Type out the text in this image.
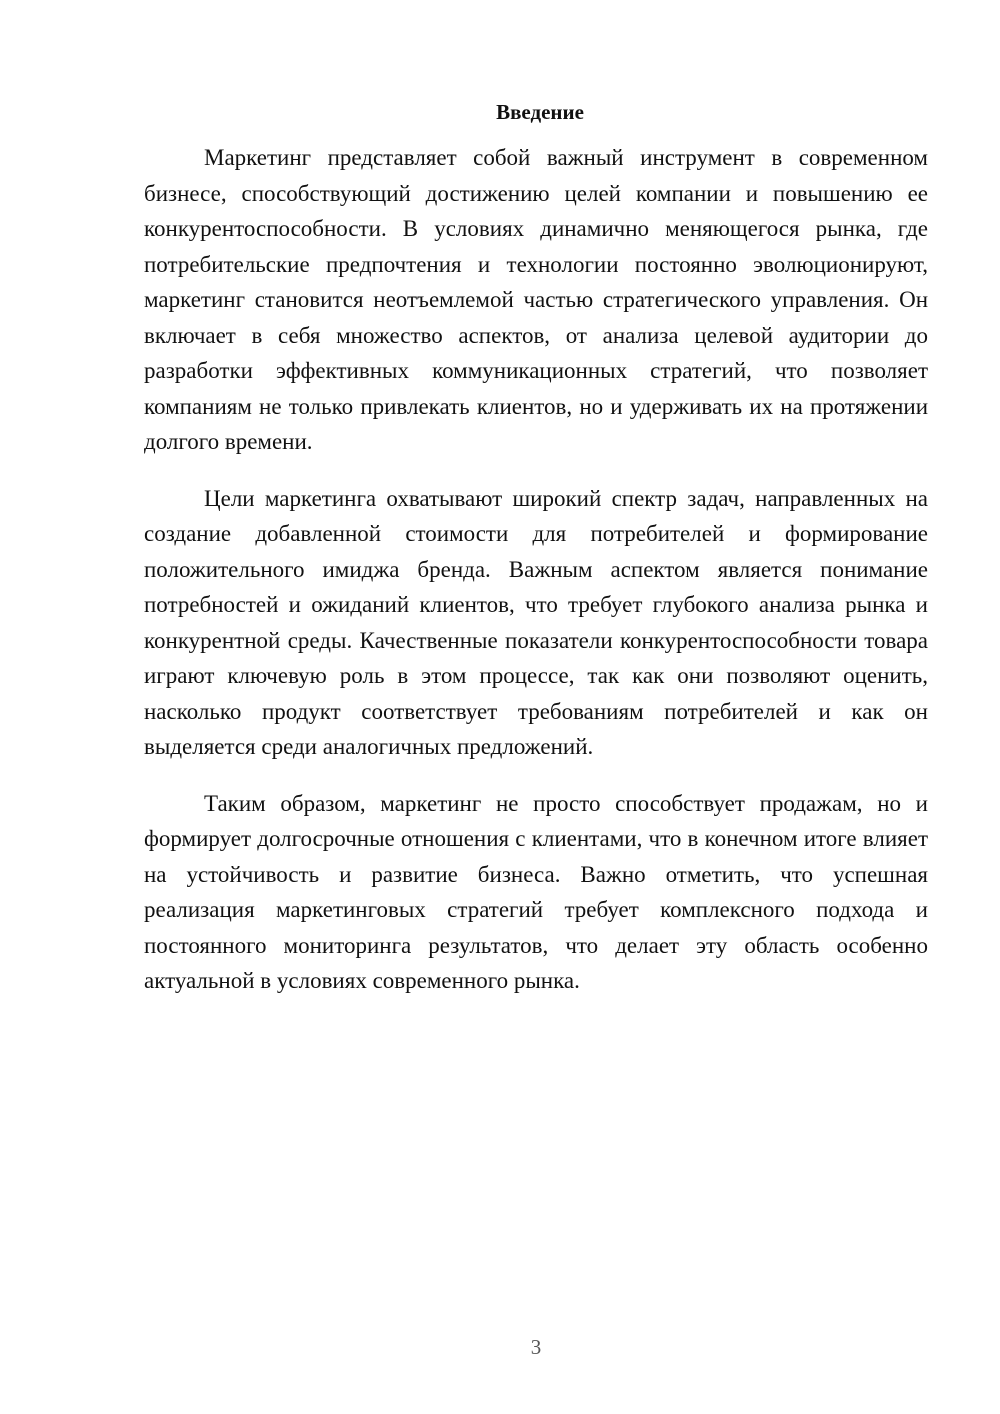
Введение

Маркетинг представляет собой важный инструмент в современном бизнесе, способствующий достижению целей компании и повышению ее конкурентоспособности. В условиях динамично меняющегося рынка, где потребительские предпочтения и технологии постоянно эволюционируют, маркетинг становится неотъемлемой частью стратегического управления. Он включает в себя множество аспектов, от анализа целевой аудитории до разработки эффективных коммуникационных стратегий, что позволяет компаниям не только привлекать клиентов, но и удерживать их на протяжении долгого времени.

Цели маркетинга охватывают широкий спектр задач, направленных на создание добавленной стоимости для потребителей и формирование положительного имиджа бренда. Важным аспектом является понимание потребностей и ожиданий клиентов, что требует глубокого анализа рынка и конкурентной среды. Качественные показатели конкурентоспособности товара играют ключевую роль в этом процессе, так как они позволяют оценить, насколько продукт соответствует требованиям потребителей и как он выделяется среди аналогичных предложений.

Таким образом, маркетинг не просто способствует продажам, но и формирует долгосрочные отношения с клиентами, что в конечном итоге влияет на устойчивость и развитие бизнеса. Важно отметить, что успешная реализация маркетинговых стратегий требует комплексного подхода и постоянного мониторинга результатов, что делает эту область особенно актуальной в условиях современного рынка.

3
